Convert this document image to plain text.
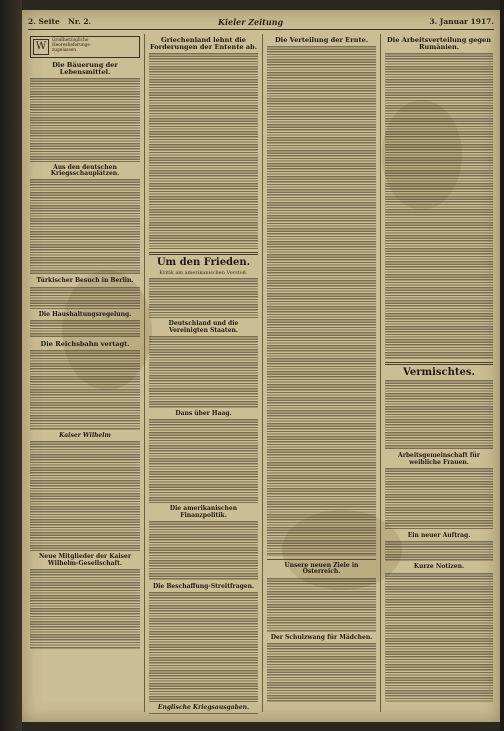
2. Seite Nr. 2.	Kieler Zeitung	3. Januar 1917.
W
Großherzogliche
Heereslieferungs-
zugelassen
Die Bäuerung der Lebensmittel.
Aus den deutschen Kriegsschauplätzen.
Türkischer Besuch in Berlin.
Die Haushaltungsregelung.
Die Reichsbahn vertagt.
Kaiser Wilhelm
Neue Mitglieder der Kaiser Wilhelm-Gesellschaft.
Griechenland lehnt die Forderungen der Entente ab.
Um den Frieden.
Kritik am amerikanischen Vorstoß.
Deutschland und die Vereinigten Staaten.
Dans über Haag.
Die amerikanischen Finanzpolitik.
Die Beschaffung-Streitfragen.
Englische Kriegsausgaben.
Die Verteilung der Ernte.
Unsere neuen Ziele in Österreich.
Der Schulzwang für Mädchen.
Die Arbeitsverteilung gegen Rumänien.
Vermischtes.
Arbeitsgemeinschaft für weibliche Frauen.
Ein neuer Auftrag.
Kurze Notizen.
